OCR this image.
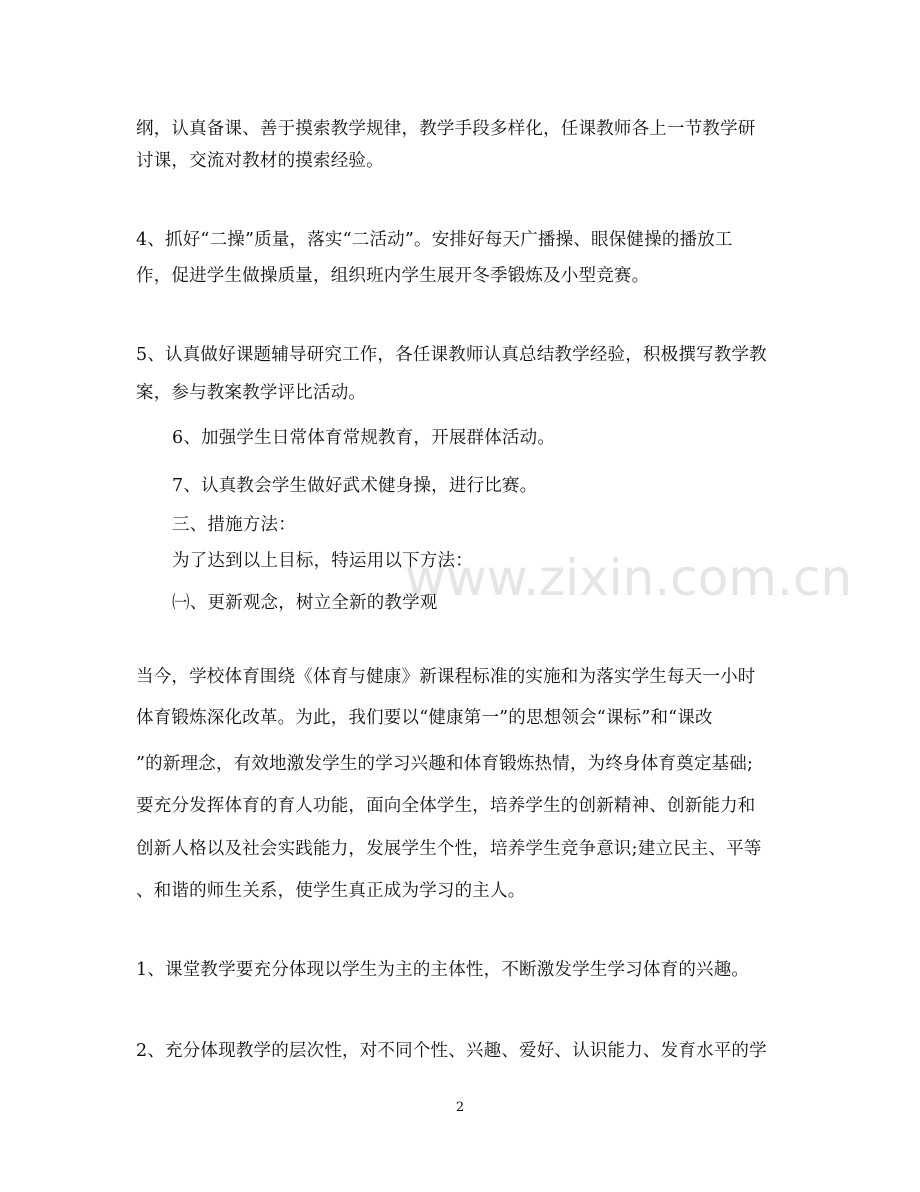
纲，认真备课、善于摸索教学规律，教学手段多样化，任课教师各上一节教学研
讨课，交流对教材的摸索经验。
4、抓好“二操”质量，落实“二活动”。安排好每天广播操、眼保健操的播放工
作，促进学生做操质量，组织班内学生展开冬季锻炼及小型竞赛。
5、认真做好课题辅导研究工作，各任课教师认真总结教学经验，积极撰写教学教
案，参与教案教学评比活动。
6、加强学生日常体育常规教育，开展群体活动。
7、认真教会学生做好武术健身操，进行比赛。
三、措施方法：
为了达到以上目标，特运用以下方法：
㈠、更新观念，树立全新的教学观
当今，学校体育围绕《体育与健康》新课程标准的实施和为落实学生每天一小时
体育锻炼深化改革。为此，我们要以“健康第一”的思想领会“课标”和“课改
”的新理念，有效地激发学生的学习兴趣和体育锻炼热情，为终身体育奠定基础;
要充分发挥体育的育人功能，面向全体学生，培养学生的创新精神、创新能力和
创新人格以及社会实践能力，发展学生个性，培养学生竞争意识;建立民主、平等
、和谐的师生关系，使学生真正成为学习的主人。
1、课堂教学要充分体现以学生为主的主体性，不断激发学生学习体育的兴趣。
2、充分体现教学的层次性，对不同个性、兴趣、爱好、认识能力、发育水平的学
www.zixin.com.cn
2
